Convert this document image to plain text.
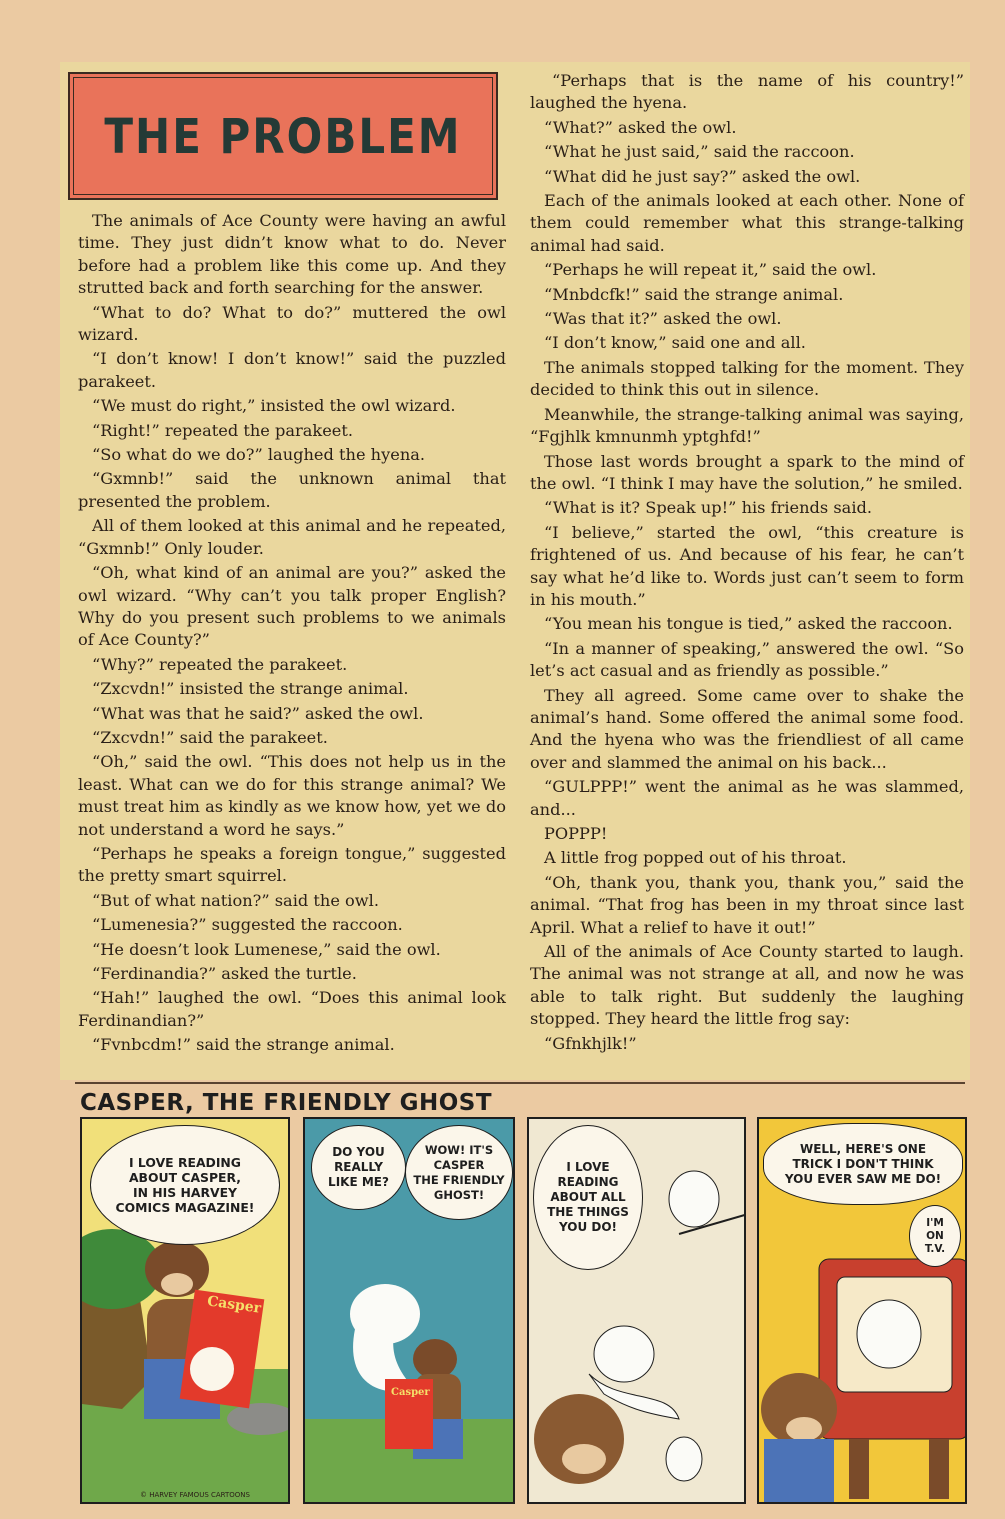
THE PROBLEM

The animals of Ace County were having an awful time. They just didn’t know what to do. Never before had a problem like this come up. And they strutted back and forth searching for the answer.

“What to do? What to do?” muttered the owl wizard.

“I don’t know! I don’t know!” said the puzzled parakeet.

“We must do right,” insisted the owl wizard.

“Right!” repeated the parakeet.

“So what do we do?” laughed the hyena.

“Gxmnb!” said the unknown animal that presented the problem.

All of them looked at this animal and he repeated, “Gxmnb!” Only louder.

“Oh, what kind of an animal are you?” asked the owl wizard. “Why can’t you talk proper English? Why do you present such problems to we animals of Ace County?”

“Why?” repeated the parakeet.

“Zxcvdn!” insisted the strange animal.

“What was that he said?” asked the owl.

“Zxcvdn!” said the parakeet.

“Oh,” said the owl. “This does not help us in the least. What can we do for this strange animal? We must treat him as kindly as we know how, yet we do not understand a word he says.”

“Perhaps he speaks a foreign tongue,” suggested the pretty smart squirrel.

“But of what nation?” said the owl.

“Lumenesia?” suggested the raccoon.

“He doesn’t look Lumenese,” said the owl.

“Ferdinandia?” asked the turtle.

“Hah!” laughed the owl. “Does this animal look Ferdinandian?”

“Fvnbcdm!” said the strange animal.

“Perhaps that is the name of his country!” laughed the hyena.

“What?” asked the owl.

“What he just said,” said the raccoon.

“What did he just say?” asked the owl.

Each of the animals looked at each other. None of them could remember what this strange-talking animal had said.

“Perhaps he will repeat it,” said the owl.

“Mnbdcfk!” said the strange animal.

“Was that it?” asked the owl.

“I don’t know,” said one and all.

The animals stopped talking for the moment. They decided to think this out in silence.

Meanwhile, the strange-talking animal was saying, “Fgjhlk kmnunmh yptghfd!”

Those last words brought a spark to the mind of the owl. “I think I may have the solution,” he smiled.

“What is it? Speak up!” his friends said.

“I believe,” started the owl, “this creature is frightened of us. And because of his fear, he can’t say what he’d like to. Words just can’t seem to form in his mouth.”

“You mean his tongue is tied,” asked the raccoon.

“In a manner of speaking,” answered the owl. “So let’s act casual and as friendly as possible.”

They all agreed. Some came over to shake the animal’s hand. Some offered the animal some food. And the hyena who was the friendliest of all came over and slammed the animal on his back...

“GULPPP!” went the animal as he was slammed, and...

POPPP!

A little frog popped out of his throat.

“Oh, thank you, thank you, thank you,” said the animal. “That frog has been in my throat since last April. What a relief to have it out!”

All of the animals of Ace County started to laugh. The animal was not strange at all, and now he was able to talk right. But suddenly the laughing stopped. They heard the little frog say:

“Gfnkhjlk!”

CASPER, THE FRIENDLY GHOST
I LOVE READING
ABOUT CASPER,
IN HIS HARVEY
COMICS MAGAZINE!
Casper
© HARVEY FAMOUS CARTOONS
DO YOU
REALLY
LIKE ME?
WOW! IT'S
CASPER
THE FRIENDLY
GHOST!
Casper
I LOVE
READING
ABOUT ALL
THE THINGS
YOU DO!
WELL, HERE'S ONE
TRICK I DON'T THINK
YOU EVER SAW ME DO!
I'M
ON
T.V.
